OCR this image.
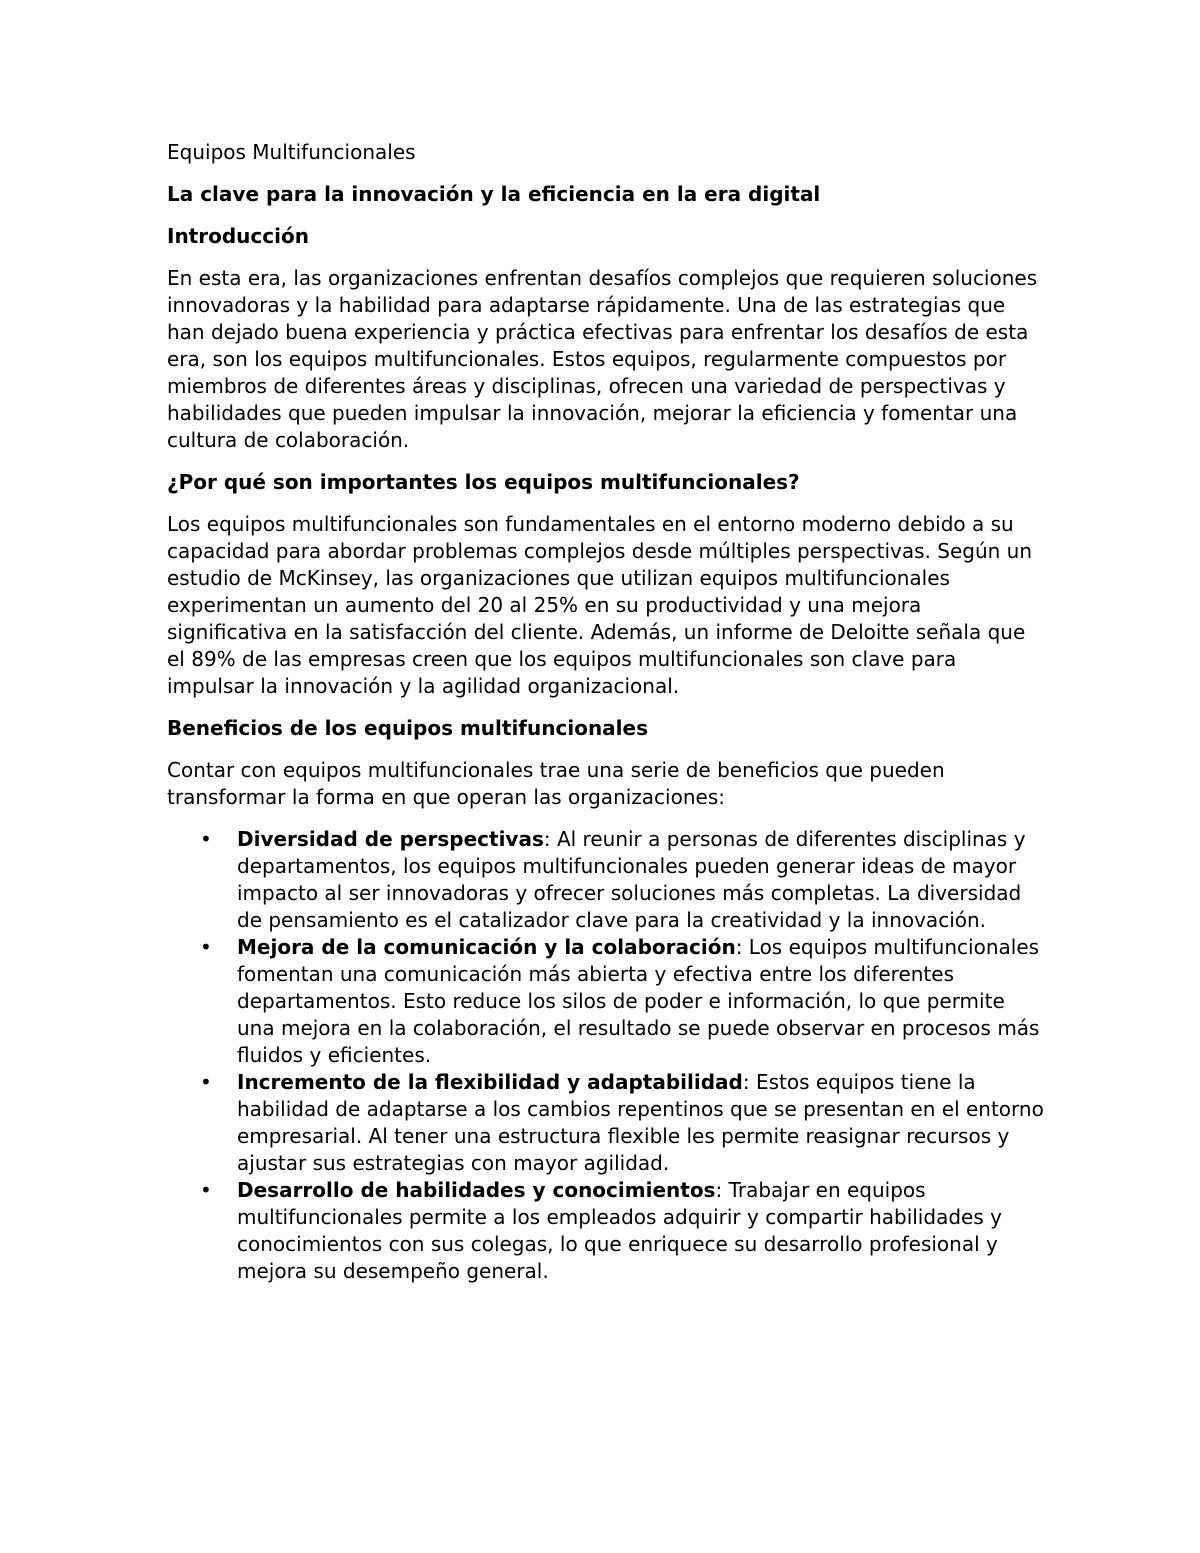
Equipos Multifuncionales

La clave para la innovación y la eficiencia en la era digital

Introducción

En esta era, las organizaciones enfrentan desafíos complejos que requieren soluciones innovadoras y la habilidad para adaptarse rápidamente. Una de las estrategias que han dejado buena experiencia y práctica efectivas para enfrentar los desafíos de esta era, son los equipos multifuncionales. Estos equipos, regularmente compuestos por miembros de diferentes áreas y disciplinas, ofrecen una variedad de perspectivas y habilidades que pueden impulsar la innovación, mejorar la eficiencia y fomentar una cultura de colaboración.

¿Por qué son importantes los equipos multifuncionales?

Los equipos multifuncionales son fundamentales en el entorno moderno debido a su capacidad para abordar problemas complejos desde múltiples perspectivas. Según un estudio de McKinsey, las organizaciones que utilizan equipos multifuncionales experimentan un aumento del 20 al 25% en su productividad y una mejora significativa en la satisfacción del cliente. Además, un informe de Deloitte señala que el 89% de las empresas creen que los equipos multifuncionales son clave para impulsar la innovación y la agilidad organizacional.

Beneficios de los equipos multifuncionales

Contar con equipos multifuncionales trae una serie de beneficios que pueden transformar la forma en que operan las organizaciones:

• Diversidad de perspectivas: Al reunir a personas de diferentes disciplinas y departamentos, los equipos multifuncionales pueden generar ideas de mayor impacto al ser innovadoras y ofrecer soluciones más completas. La diversidad de pensamiento es el catalizador clave para la creatividad y la innovación.
• Mejora de la comunicación y la colaboración: Los equipos multifuncionales fomentan una comunicación más abierta y efectiva entre los diferentes departamentos. Esto reduce los silos de poder e información, lo que permite una mejora en la colaboración, el resultado se puede observar en procesos más fluidos y eficientes.
• Incremento de la flexibilidad y adaptabilidad: Estos equipos tiene la habilidad de adaptarse a los cambios repentinos que se presentan en el entorno empresarial. Al tener una estructura flexible les permite reasignar recursos y ajustar sus estrategias con mayor agilidad.
• Desarrollo de habilidades y conocimientos: Trabajar en equipos multifuncionales permite a los empleados adquirir y compartir habilidades y conocimientos con sus colegas, lo que enriquece su desarrollo profesional y mejora su desempeño general.
